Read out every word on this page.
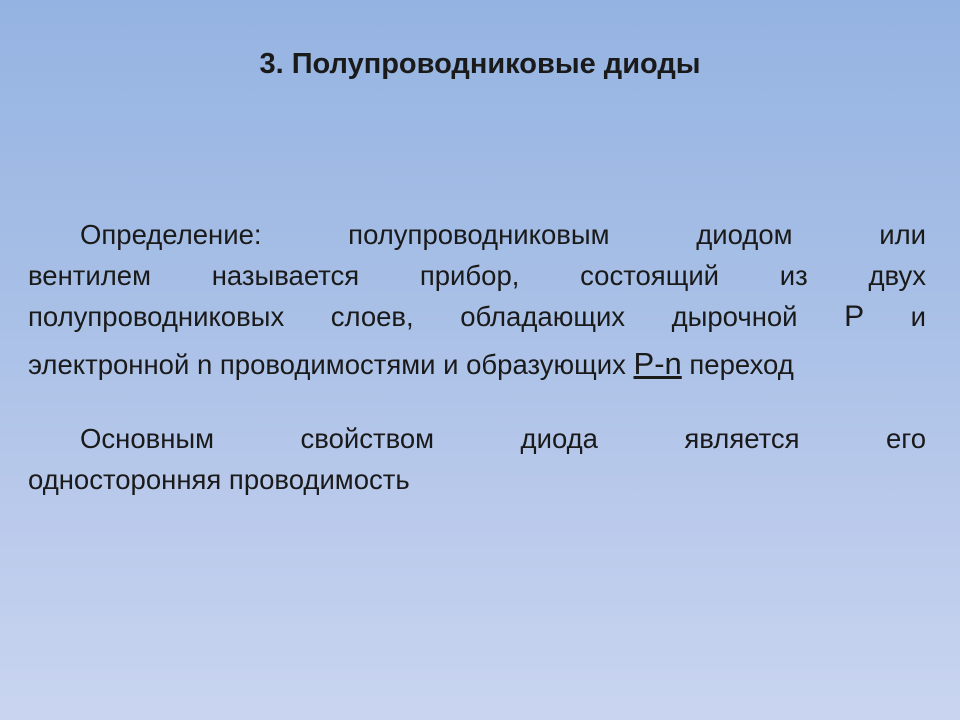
3. Полупроводниковые диоды
Определение: полупроводниковым диодом или
вентилем называется прибор, состоящий из двух
полупроводниковых слоев, обладающих дырочной Р и
электронной n проводимостями и образующих Р-n переход
Основным свойством диода является его
односторонняя проводимость
